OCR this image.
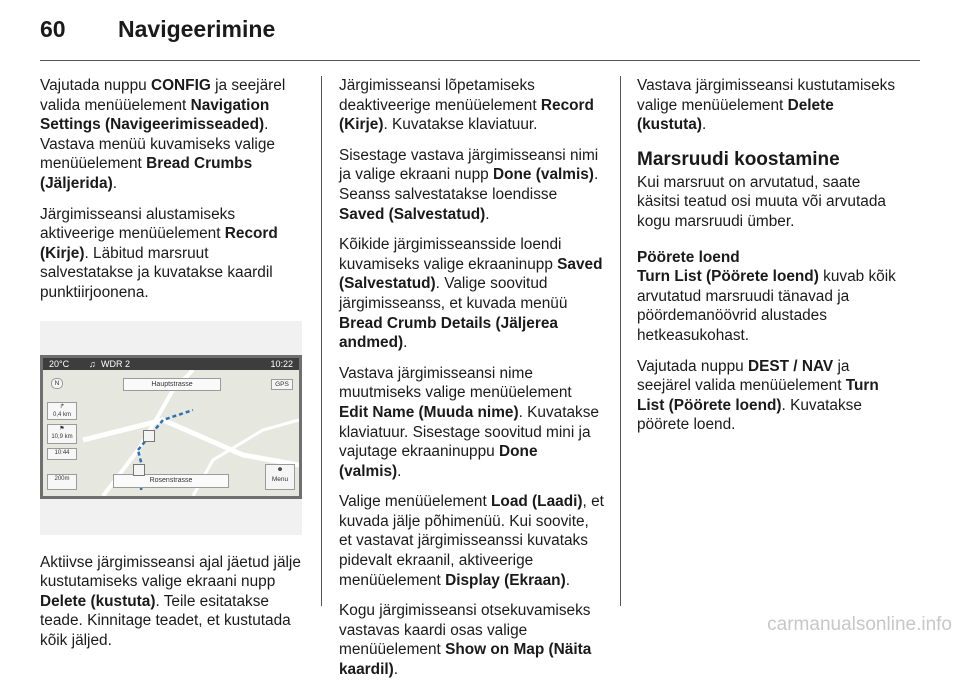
60 Navigeerimine

Vajutada nuppu CONFIG ja seejärel valida menüüelement Navigation Settings (Navigeerimisseaded). Vastava menüü kuvamiseks valige menüüelement Bread Crumbs (Jäljerida).

Järgimisseansi alustamiseks aktiveerige menüüelement Record (Kirje). Läbitud marsruut salvestatakse ja kuvatakse kaardil punktiirjoonena.

20°C ♫ WDR 2	10:22
Hauptstrasse	GPS
N
↱
0,4 km
⚑
10,9 km
10:44
200m	Rosenstrasse
☻
Menu

Aktiivse järgimisseansi ajal jäetud jälje kustutamiseks valige ekraani nupp Delete (kustuta). Teile esitatakse teade. Kinnitage teadet, et kustutada kõik jäljed.

Järgimisseansi lõpetamiseks deaktiveerige menüüelement Record (Kirje). Kuvatakse klaviatuur.

Sisestage vastava järgimisseansi nimi ja valige ekraani nupp Done (valmis). Seanss salvestatakse loendisse Saved (Salvestatud).

Kõikide järgimisseansside loendi kuvamiseks valige ekraaninupp Saved (Salvestatud). Valige soovitud järgimisseanss, et kuvada menüü Bread Crumb Details (Jäljerea andmed).

Vastava järgimisseansi nime muutmiseks valige menüüelement Edit Name (Muuda nime). Kuvatakse klaviatuur. Sisestage soovitud mini ja vajutage ekraaninuppu Done (valmis).

Valige menüüelement Load (Laadi), et kuvada jälje põhimenüü. Kui soovite, et vastavat järgimisseanssi kuvataks pidevalt ekraanil, aktiveerige menüüelement Display (Ekraan).

Kogu järgimisseansi otsekuvamiseks vastavas kaardi osas valige menüüelement Show on Map (Näita kaardil).

Vastava järgimisseansi kustutamiseks valige menüüelement Delete (kustuta).

Marsruudi koostamine

Kui marsruut on arvutatud, saate käsitsi teatud osi muuta või arvutada kogu marsruudi ümber.

Pöörete loend

Turn List (Pöörete loend) kuvab kõik arvutatud marsruudi tänavad ja pöördemanöövrid alustades hetkeasukohast.

Vajutada nuppu DEST / NAV ja seejärel valida menüüelement Turn List (Pöörete loend). Kuvatakse pöörete loend.

carmanualsonline.info
